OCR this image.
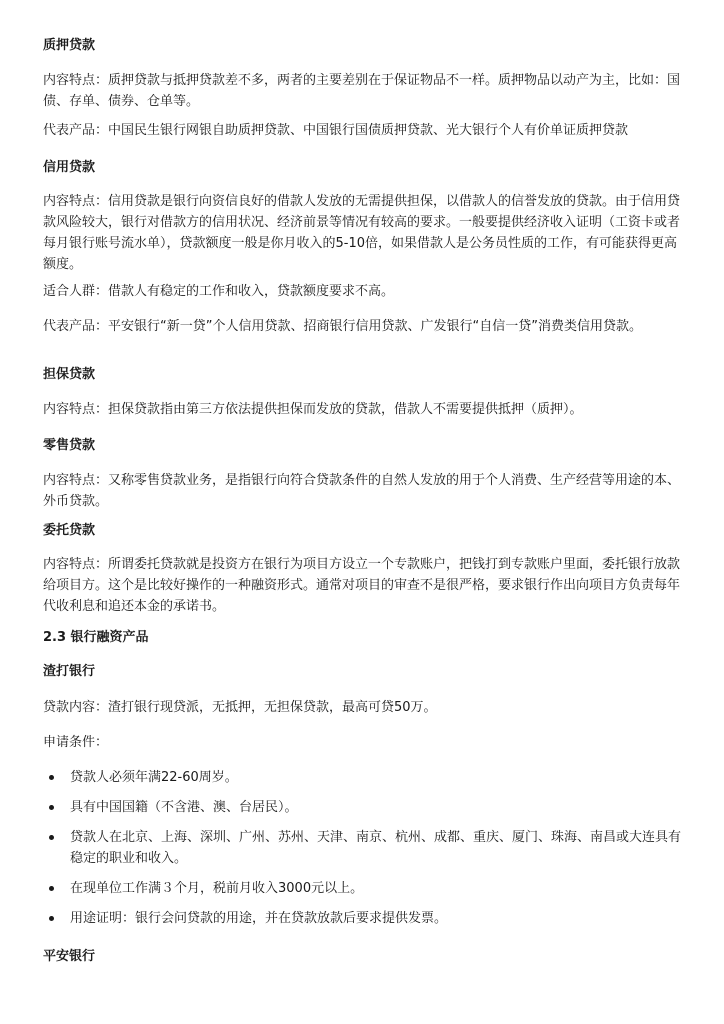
质押贷款

内容特点：质押贷款与抵押贷款差不多，两者的主要差别在于保证物品不一样。质押物品以动产为主，比如：国债、存单、债券、仓单等。

代表产品：中国民生银行网银自助质押贷款、中国银行国债质押贷款、光大银行个人有价单证质押贷款

信用贷款

内容特点：信用贷款是银行向资信良好的借款人发放的无需提供担保，以借款人的信誉发放的贷款。由于信用贷款风险较大，银行对借款方的信用状况、经济前景等情况有较高的要求。一般要提供经济收入证明（工资卡或者每月银行账号流水单），贷款额度一般是你月收入的5-10倍，如果借款人是公务员性质的工作，有可能获得更高额度。

适合人群：借款人有稳定的工作和收入，贷款额度要求不高。

代表产品：平安银行“新一贷”个人信用贷款、招商银行信用贷款、广发银行“自信一贷”消费类信用贷款。

担保贷款

内容特点：担保贷款指由第三方依法提供担保而发放的贷款，借款人不需要提供抵押（质押）。

零售贷款

内容特点：又称零售贷款业务，是指银行向符合贷款条件的自然人发放的用于个人消费、生产经营等用途的本、外币贷款。

委托贷款

内容特点：所谓委托贷款就是投资方在银行为项目方设立一个专款账户，把钱打到专款账户里面，委托银行放款给项目方。这个是比较好操作的一种融资形式。通常对项目的审查不是很严格，要求银行作出向项目方负责每年代收利息和追还本金的承诺书。

2.3 银行融资产品
渣打银行

贷款内容：渣打银行现贷派，无抵押，无担保贷款，最高可贷50万。

申请条件：

贷款人必须年满22-60周岁。
具有中国国籍（不含港、澳、台居民）。
贷款人在北京、上海、深圳、广州、苏州、天津、南京、杭州、成都、重庆、厦门、珠海、南昌或大连具有稳定的职业和收入。
在现单位工作满３个月，税前月收入3000元以上。
用途证明：银行会问贷款的用途，并在贷款放款后要求提供发票。
平安银行
